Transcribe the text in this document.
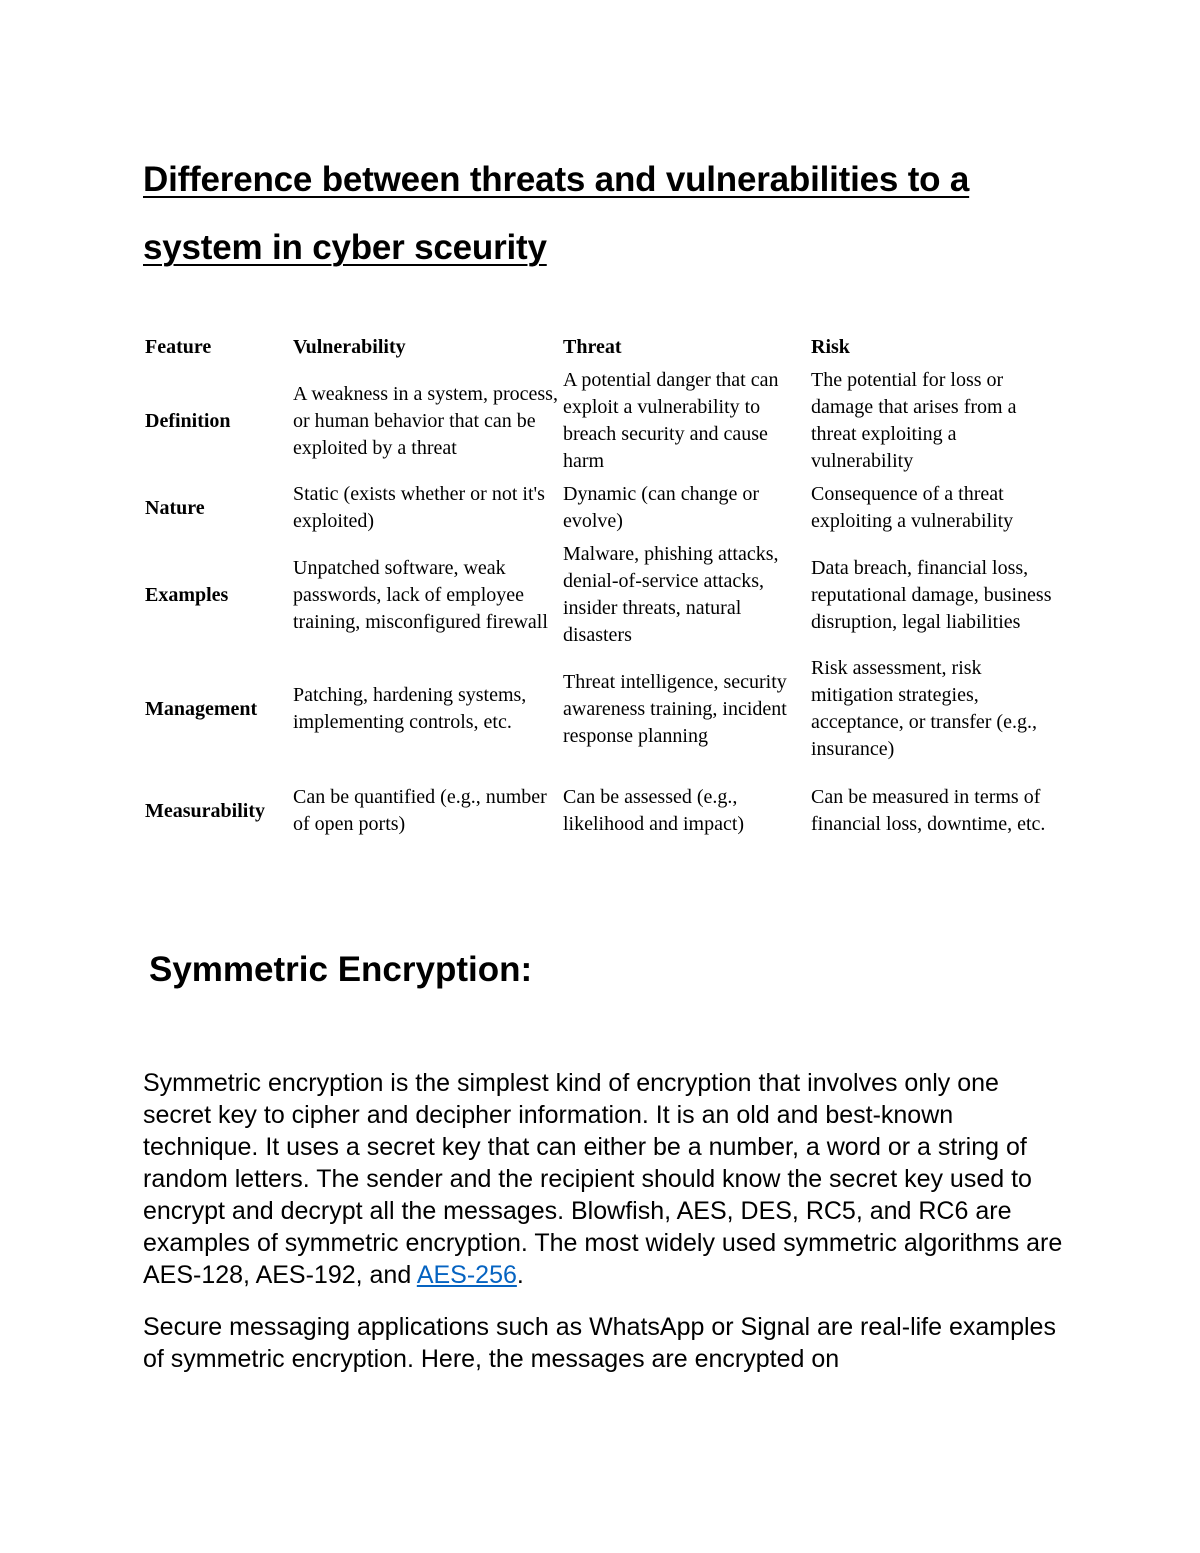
Difference between threats and vulnerabilities to a system in cyber sceurity
Feature	Vulnerability	Threat	Risk
Definition	A weakness in a system, process, or human behavior that can be exploited by a threat	A potential danger that can exploit a vulnerability to breach security and cause harm	The potential for loss or damage that arises from a threat exploiting a vulnerability
Nature	Static (exists whether or not it's exploited)	Dynamic (can change or evolve)	Consequence of a threat exploiting a vulnerability
Examples	Unpatched software, weak passwords, lack of employee training, misconfigured firewall	Malware, phishing attacks, denial-of-service attacks, insider threats, natural disasters	Data breach, financial loss, reputational damage, business disruption, legal liabilities
Management	Patching, hardening systems, implementing controls, etc.	Threat intelligence, security awareness training, incident response planning	Risk assessment, risk mitigation strategies, acceptance, or transfer (e.g., insurance)
Measurability	Can be quantified (e.g., number of open ports)	Can be assessed (e.g., likelihood and impact)	Can be measured in terms of financial loss, downtime, etc.
Symmetric Encryption:

Symmetric encryption is the simplest kind of encryption that involves only one secret key to cipher and decipher information. It is an old and best-known technique. It uses a secret key that can either be a number, a word or a string of random letters. The sender and the recipient should know the secret key used to encrypt and decrypt all the messages. Blowfish, AES, DES, RC5, and RC6 are examples of symmetric encryption. The most widely used symmetric algorithms are AES-128, AES-192, and AES-256.

Secure messaging applications such as WhatsApp or Signal are real-life examples of symmetric encryption. Here, the messages are encrypted on
